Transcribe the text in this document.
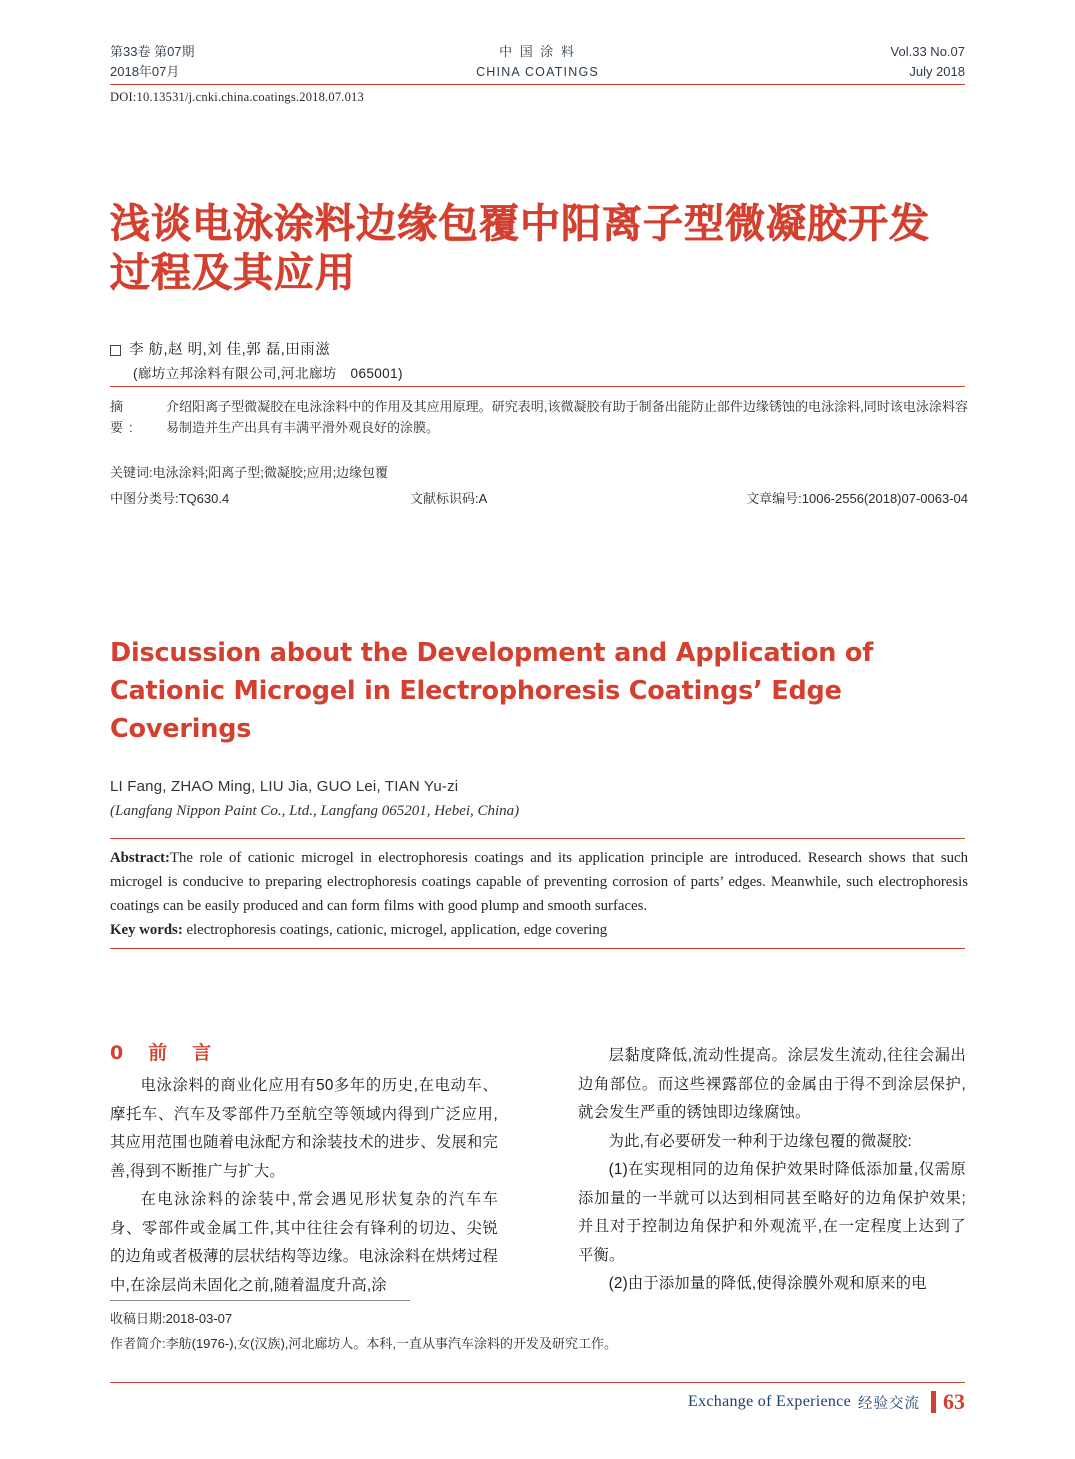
第33卷 第07期
2018年07月
中 国 涂 料
CHINA COATINGS
Vol.33 No.07
July 2018
DOI:10.13531/j.cnki.china.coatings.2018.07.013
浅谈电泳涂料边缘包覆中阳离子型微凝胶开发过程及其应用
李 舫,赵 明,刘 佳,郭 磊,田雨滋
(廊坊立邦涂料有限公司,河北廊坊　065001)
摘 要:
介绍阳离子型微凝胶在电泳涂料中的作用及其应用原理。研究表明,该微凝胶有助于制备出能防止部件边缘锈蚀的电泳涂料,同时该电泳涂料容易制造并生产出具有丰满平滑外观良好的涂膜。
关键词:电泳涂料;阳离子型;微凝胶;应用;边缘包覆
中图分类号:TQ630.4	文献标识码:A	文章编号:1006-2556(2018)07-0063-04
Discussion about the Development and Application of Cationic Microgel in Electrophoresis Coatings’ Edge Coverings
LI Fang, ZHAO Ming, LIU Jia, GUO Lei, TIAN Yu-zi
(Langfang Nippon Paint Co., Ltd., Langfang 065201, Hebei, China)
Abstract:The role of cationic microgel in electrophoresis coatings and its application principle are introduced. Research shows that such microgel is conducive to preparing electrophoresis coatings capable of preventing corrosion of parts’ edges. Meanwhile, such electrophoresis coatings can be easily produced and can form films with good plump and smooth surfaces.
Key words: electrophoresis coatings, cationic, microgel, application, edge covering
0　前　言

电泳涂料的商业化应用有50多年的历史,在电动车、摩托车、汽车及零部件乃至航空等领域内得到广泛应用,其应用范围也随着电泳配方和涂装技术的进步、发展和完善,得到不断推广与扩大。

在电泳涂料的涂装中,常会遇见形状复杂的汽车车身、零部件或金属工件,其中往往会有锋利的切边、尖锐的边角或者极薄的层状结构等边缘。电泳涂料在烘烤过程中,在涂层尚未固化之前,随着温度升高,涂

层黏度降低,流动性提高。涂层发生流动,往往会漏出边角部位。而这些裸露部位的金属由于得不到涂层保护,就会发生严重的锈蚀即边缘腐蚀。

为此,有必要研发一种利于边缘包覆的微凝胶:

(1)在实现相同的边角保护效果时降低添加量,仅需原添加量的一半就可以达到相同甚至略好的边角保护效果;并且对于控制边角保护和外观流平,在一定程度上达到了平衡。

(2)由于添加量的降低,使得涂膜外观和原来的电

收稿日期:2018-03-07
作者简介:李舫(1976-),女(汉族),河北廊坊人。本科,一直从事汽车涂料的开发及研究工作。
Exchange of Experience 经验交流 63
